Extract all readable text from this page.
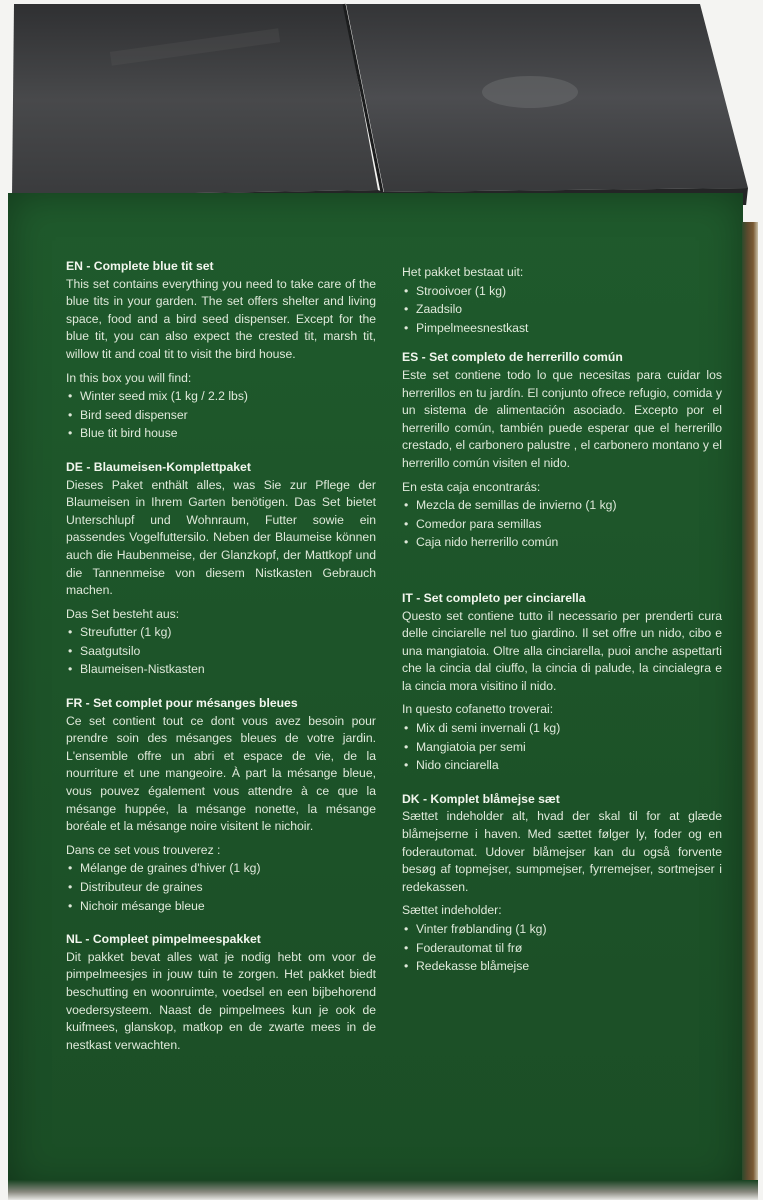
EN - Complete blue tit set

This set contains everything you need to take care of the blue tits in your garden. The set offers shelter and living space, food and a bird seed dispenser. Except for the blue tit, you can also expect the crested tit, marsh tit, willow tit and coal tit to visit the bird house.

In this box you will find:
• Winter seed mix (1 kg / 2.2 lbs)
• Bird seed dispenser
• Blue tit bird house
DE - Blaumeisen-Komplettpaket

Dieses Paket enthält alles, was Sie zur Pflege der Blaumeisen in Ihrem Garten benötigen. Das Set bietet Unterschlupf und Wohnraum, Futter sowie ein passendes Vogelfuttersilo. Neben der Blaumeise können auch die Haubenmeise, der Glanzkopf, der Mattkopf und die Tannenmeise von diesem Nistkasten Gebrauch machen.

Das Set besteht aus:
• Streufutter (1 kg)
• Saatgutsilo
• Blaumeisen-Nistkasten
FR - Set complet pour mésanges bleues

Ce set contient tout ce dont vous avez besoin pour prendre soin des mésanges bleues de votre jardin. L'ensemble offre un abri et espace de vie, de la nourriture et une mangeoire. À part la mésange bleue, vous pouvez également vous attendre à ce que la mésange huppée, la mésange nonette, la mésange boréale et la mésange noire visitent le nichoir.

Dans ce set vous trouverez :
• Mélange de graines d'hiver (1 kg)
• Distributeur de graines
• Nichoir mésange bleue
NL - Compleet pimpelmeespakket

Dit pakket bevat alles wat je nodig hebt om voor de pimpelmeesjes in jouw tuin te zorgen. Het pakket biedt beschutting en woonruimte, voedsel en een bijbehorend voedersysteem. Naast de pimpelmees kun je ook de kuifmees, glanskop, matkop en de zwarte mees in de nestkast verwachten.

Het pakket bestaat uit:
• Strooivoer (1 kg)
• Zaadsilo
• Pimpelmeesnestkast
ES - Set completo de herrerillo común

Este set contiene todo lo que necesitas para cuidar los herrerillos en tu jardín. El conjunto ofrece refugio, comida y un sistema de alimentación asociado. Excepto por el herrerillo común, también puede esperar que el herrerillo crestado, el carbonero palustre , el carbonero montano y el herrerillo común visiten el nido.

En esta caja encontrarás:
• Mezcla de semillas de invierno (1 kg)
• Comedor para semillas
• Caja nido herrerillo común
IT - Set completo per cinciarella

Questo set contiene tutto il necessario per prenderti cura delle cinciarelle nel tuo giardino. Il set offre un nido, cibo e una mangiatoia. Oltre alla cinciarella, puoi anche aspettarti che la cincia dal ciuffo, la cincia di palude, la cincialegra e la cincia mora visitino il nido.

In questo cofanetto troverai:
• Mix di semi invernali (1 kg)
• Mangiatoia per semi
• Nido cinciarella
DK - Komplet blåmejse sæt

Sættet indeholder alt, hvad der skal til for at glæde blåmejserne i haven. Med sættet følger ly, foder og en foderautomat. Udover blåmejser kan du også forvente besøg af topmejser, sumpmejser, fyrremejser, sortmejser i redekassen.

Sættet indeholder:
• Vinter frøblanding (1 kg)
• Foderautomat til frø
• Redekasse blåmejse
